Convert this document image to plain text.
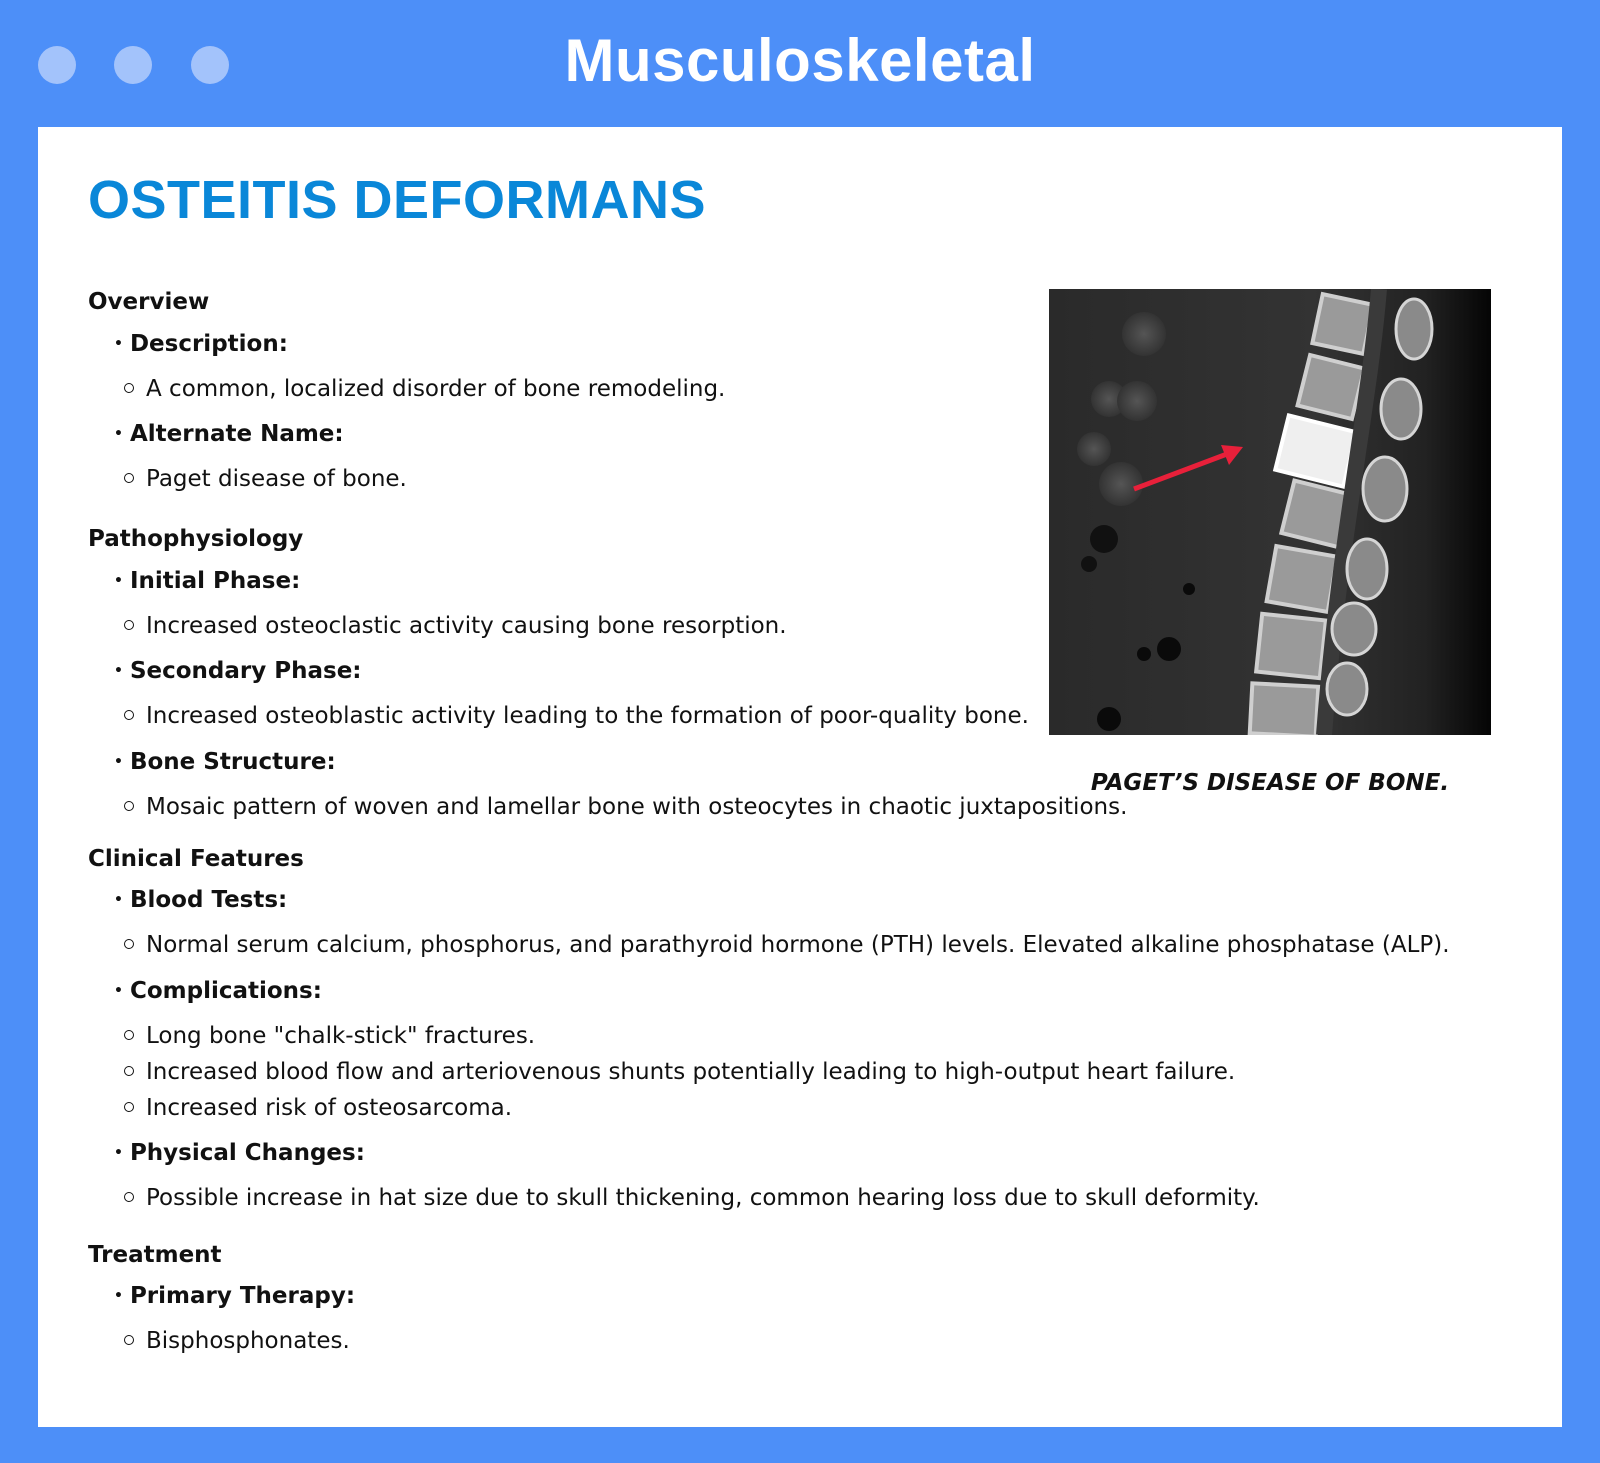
Musculoskeletal
OSTEITIS DEFORMANS
Overview
• Description:
A common, localized disorder of bone remodeling.
• Alternate Name:
Paget disease of bone.
Pathophysiology
• Initial Phase:
Increased osteoclastic activity causing bone resorption.
• Secondary Phase:
Increased osteoblastic activity leading to the formation of poor-quality bone.
• Bone Structure:
Mosaic pattern of woven and lamellar bone with osteocytes in chaotic juxtapositions.
Clinical Features
• Blood Tests:
Normal serum calcium, phosphorus, and parathyroid hormone (PTH) levels. Elevated alkaline phosphatase (ALP).
• Complications:
Long bone "chalk-stick" fractures.
Increased blood flow and arteriovenous shunts potentially leading to high-output heart failure.
Increased risk of osteosarcoma.
• Physical Changes:
Possible increase in hat size due to skull thickening, common hearing loss due to skull deformity.
Treatment
• Primary Therapy:
Bisphosphonates.
PAGET’S DISEASE OF BONE.
